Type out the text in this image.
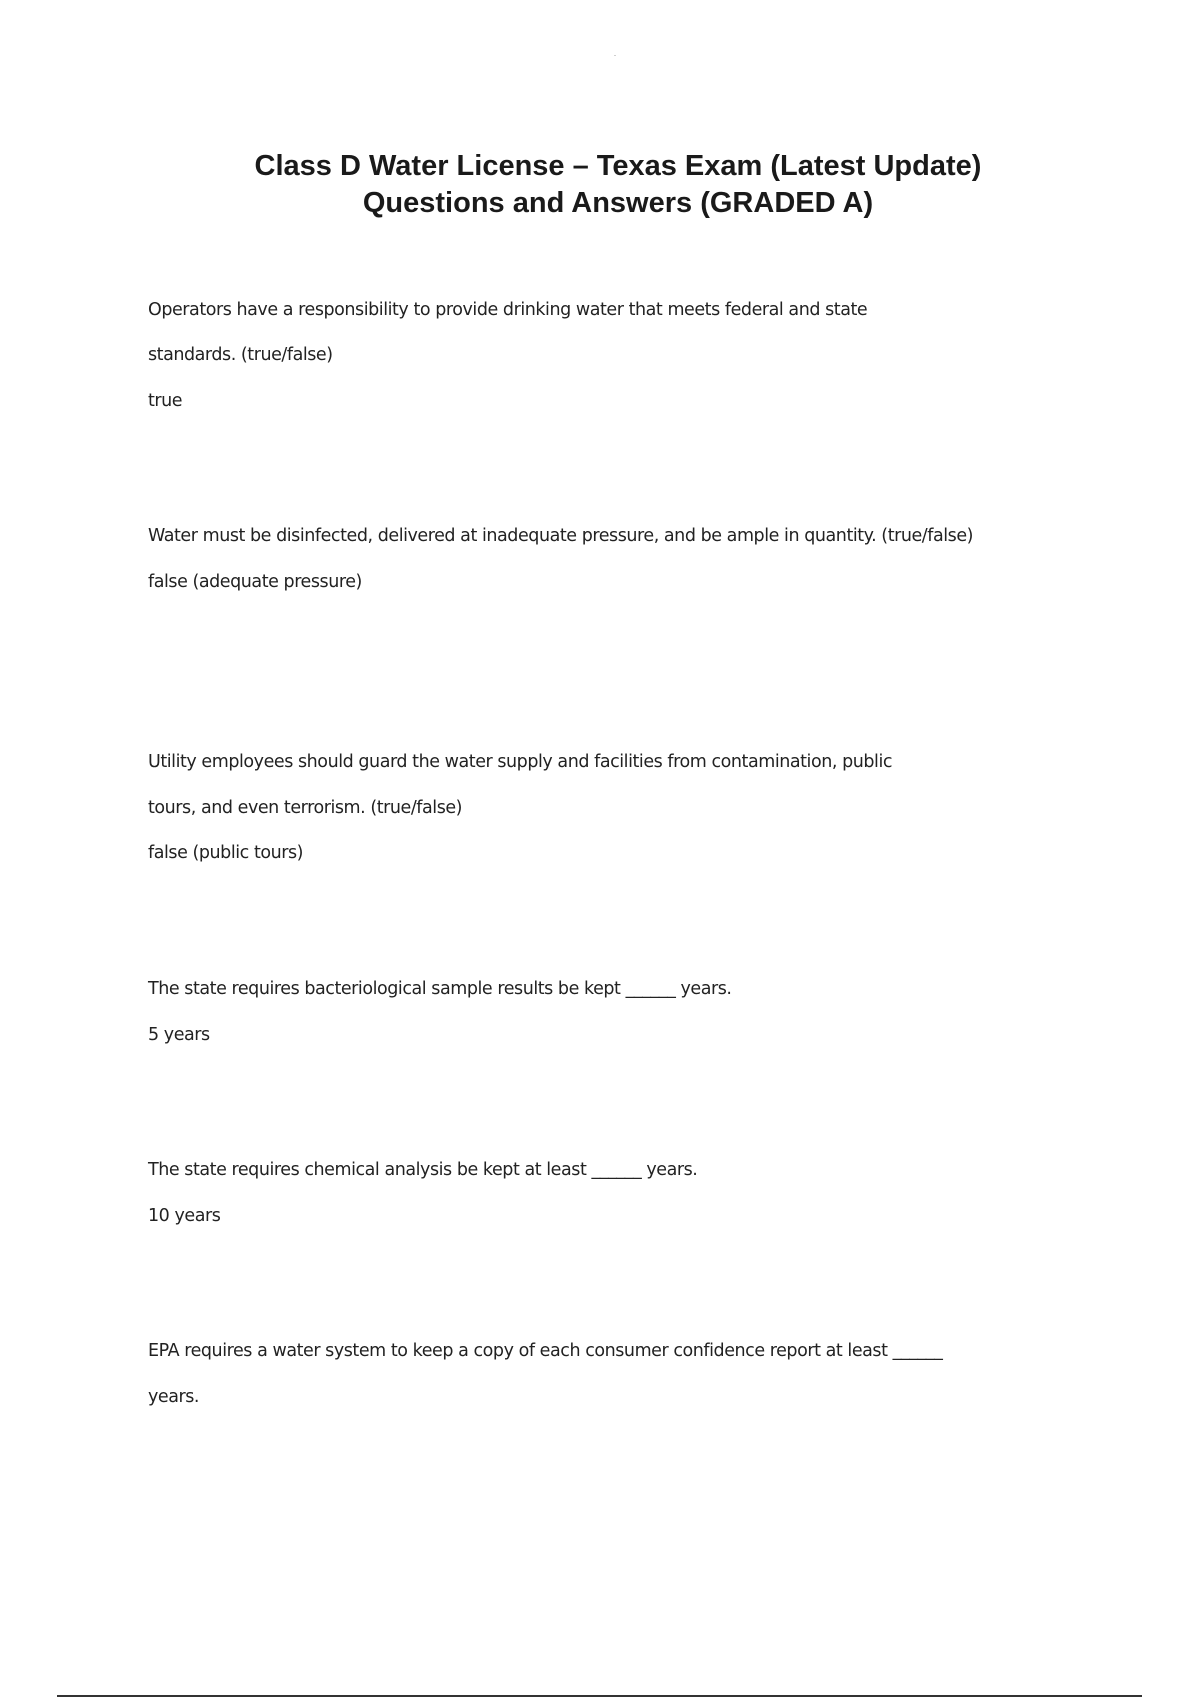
Class D Water License – Texas Exam (Latest Update)
Questions and Answers (GRADED A)
Operators have a responsibility to provide drinking water that meets federal and state
standards. (true/false)
true
Water must be disinfected, delivered at inadequate pressure, and be ample in quantity. (true/false)
false (adequate pressure)
Utility employees should guard the water supply and facilities from contamination, public
tours, and even terrorism. (true/false)
false (public tours)
The state requires bacteriological sample results be kept ______ years.
5 years
The state requires chemical analysis be kept at least ______ years.
10 years
EPA requires a water system to keep a copy of each consumer confidence report at least ______
years.
